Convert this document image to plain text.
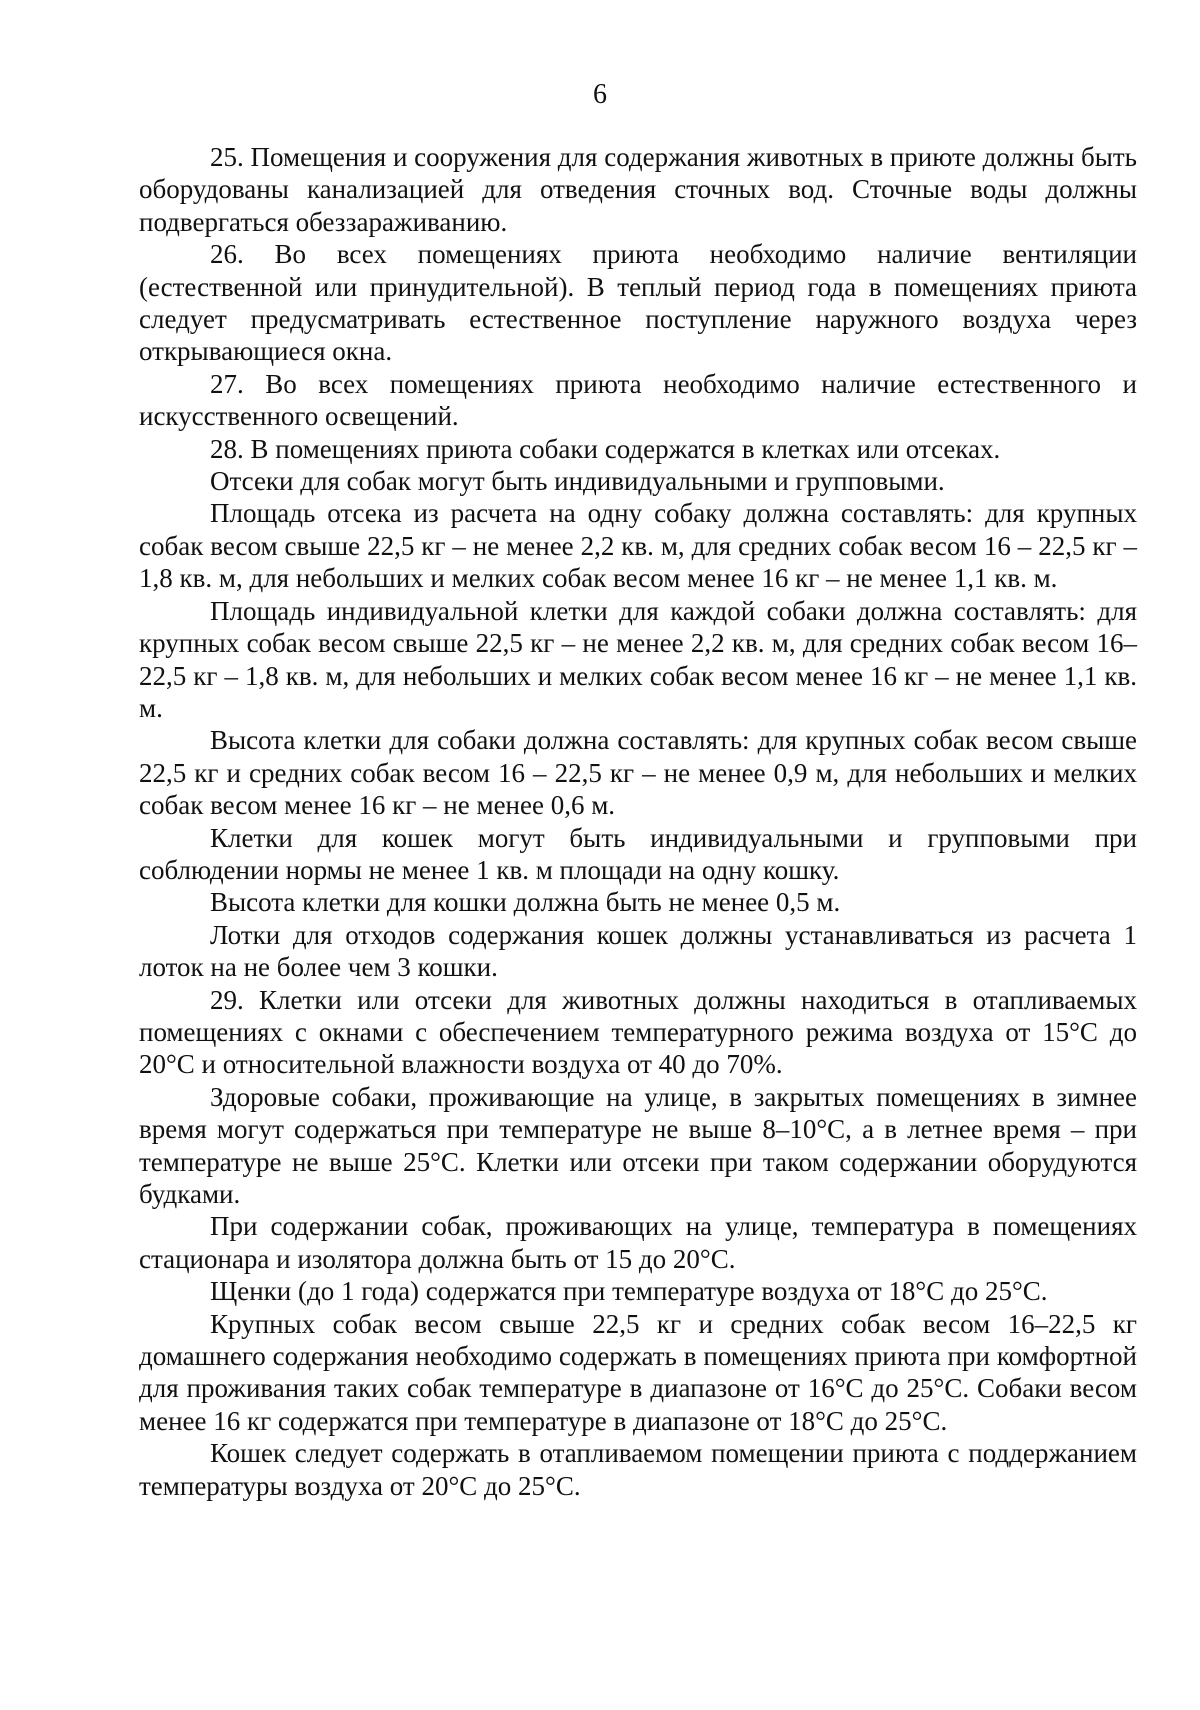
6

25. Помещения и сооружения для содержания животных в приюте должны быть оборудованы канализацией для отведения сточных вод. Сточные воды должны подвергаться обеззараживанию.

26. Во всех помещениях приюта необходимо наличие вентиляции (естественной или принудительной). В теплый период года в помещениях приюта следует предусматривать естественное поступление наружного воздуха через открывающиеся окна.

27. Во всех помещениях приюта необходимо наличие естественного и искусственного освещений.

28. В помещениях приюта собаки содержатся в клетках или отсеках.

Отсеки для собак могут быть индивидуальными и групповыми.

Площадь отсека из расчета на одну собаку должна составлять: для крупных собак весом свыше 22,5 кг – не менее 2,2 кв. м, для средних собак весом 16 – 22,5 кг – 1,8 кв. м, для небольших и мелких собак весом менее 16 кг – не менее 1,1 кв. м.

Площадь индивидуальной клетки для каждой собаки должна составлять: для крупных собак весом свыше 22,5 кг – не менее 2,2 кв. м, для средних собак весом 16–22,5 кг – 1,8 кв. м, для небольших и мелких собак весом менее 16 кг – не менее 1,1 кв. м.

Высота клетки для собаки должна составлять: для крупных собак весом свыше 22,5 кг и средних собак весом 16 – 22,5 кг – не менее 0,9 м, для небольших и мелких собак весом менее 16 кг – не менее 0,6 м.

Клетки для кошек могут быть индивидуальными и групповыми при соблюдении нормы не менее 1 кв. м площади на одну кошку.

Высота клетки для кошки должна быть не менее 0,5 м.

Лотки для отходов содержания кошек должны устанавливаться из расчета 1 лоток на не более чем 3 кошки.

29. Клетки или отсеки для животных должны находиться в отапливаемых помещениях с окнами с обеспечением температурного режима воздуха от 15°С до 20°С и относительной влажности воздуха от 40 до 70%.

Здоровые собаки, проживающие на улице, в закрытых помещениях в зимнее время могут содержаться при температуре не выше 8–10°С, а в летнее время – при температуре не выше 25°С. Клетки или отсеки при таком содержании оборудуются будками.

При содержании собак, проживающих на улице, температура в помещениях стационара и изолятора должна быть от 15 до 20°С.

Щенки (до 1 года) содержатся при температуре воздуха от 18°С до 25°С.

Крупных собак весом свыше 22,5 кг и средних собак весом 16–22,5 кг домашнего содержания необходимо содержать в помещениях приюта при комфортной для проживания таких собак температуре в диапазоне от 16°С до 25°С. Собаки весом менее 16 кг содержатся при температуре в диапазоне от 18°С до 25°С.

Кошек следует содержать в отапливаемом помещении приюта с поддержанием температуры воздуха от 20°С до 25°С.
